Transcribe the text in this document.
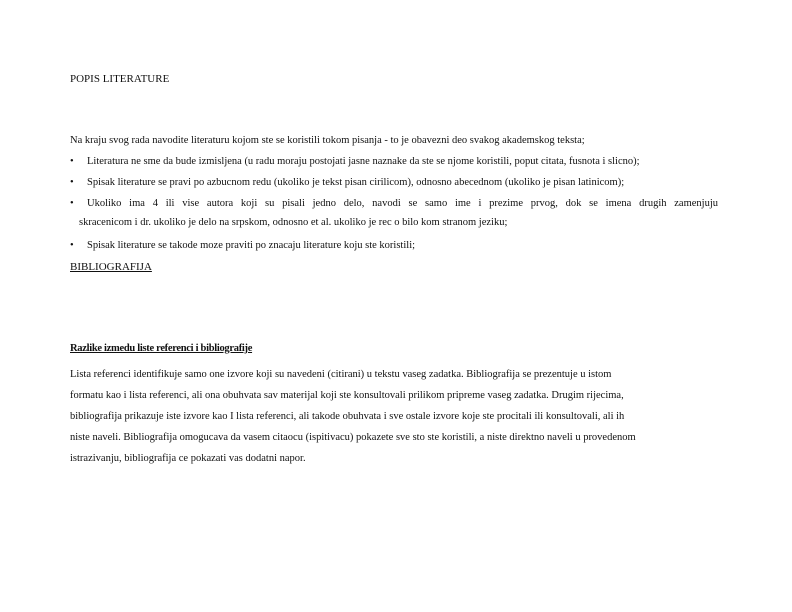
POPIS LITERATURE
Na kraju svog rada navodite literaturu kojom ste se koristili tokom pisanja - to je obavezni deo svakog akademskog teksta;
• Literatura ne sme da bude izmisljena (u radu moraju postojati jasne naznake da ste se njome koristili, poput citata, fusnota i slicno);
• Spisak literature se pravi po azbucnom redu (ukoliko je tekst pisan cirilicom), odnosno abecednom (ukoliko je pisan latinicom);
•	Ukoliko ima 4 ili vise autora koji su pisali jedno delo, navodi se samo ime i prezime prvog, dok se imena drugih zamenjuju
skracenicom i dr. ukoliko je delo na srpskom, odnosno et al. ukoliko je rec o bilo kom stranom jeziku;
• Spisak literature se takode moze praviti po znacaju literature koju ste koristili;
BIBLIOGRAFIJA
Razlike izmedu liste referenci i bibliografije
Lista referenci identifikuje samo one izvore koji su navedeni (citirani) u tekstu vaseg zadatka. Bibliografija se prezentuje u istom
formatu kao i lista referenci, ali ona obuhvata sav materijal koji ste konsultovali prilikom pripreme vaseg zadatka. Drugim rijecima,
bibliografija prikazuje iste izvore kao I lista referenci, ali takode obuhvata i sve ostale izvore koje ste procitali ili konsultovali, ali ih
niste naveli. Bibliografija omogucava da vasem citaocu (ispitivacu) pokazete sve sto ste koristili, a niste direktno naveli u provedenom
istrazivanju, bibliografija ce pokazati vas dodatni napor.
